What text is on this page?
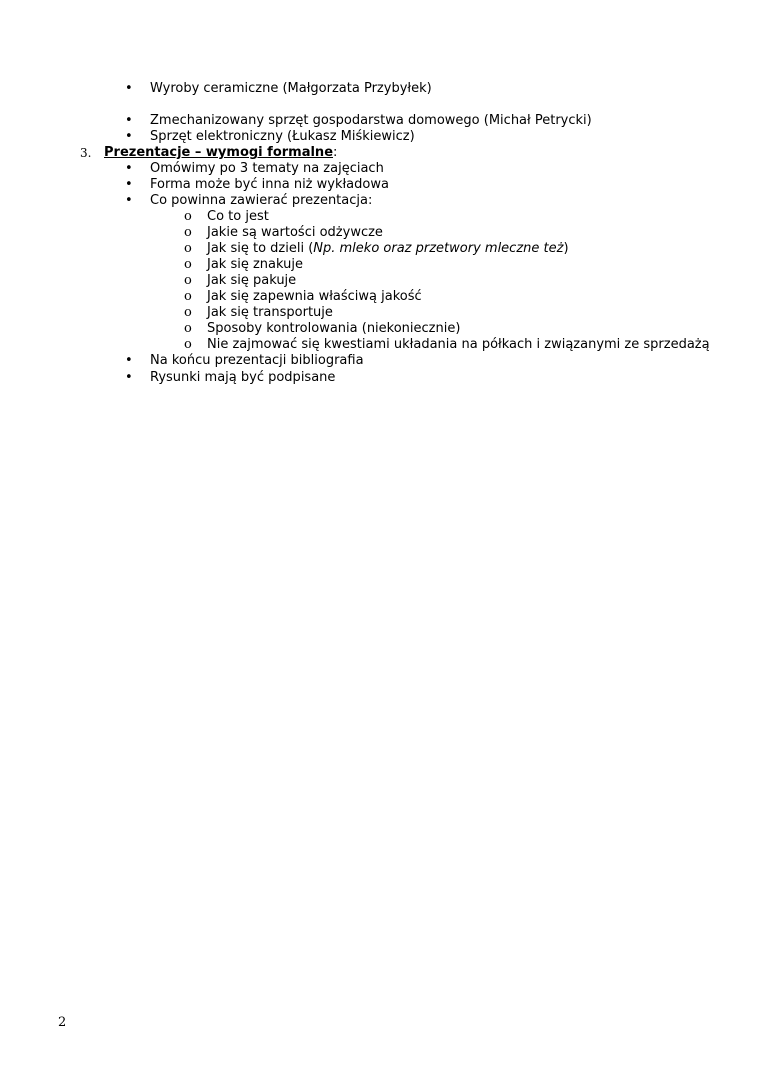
• Wyroby ceramiczne (Małgorzata Przybyłek)
• Zmechanizowany sprzęt gospodarstwa domowego (Michał Petrycki)
• Sprzęt elektroniczny (Łukasz Miśkiewicz)
3. Prezentacje – wymogi formalne:
• Omówimy po 3 tematy na zajęciach
• Forma może być inna niż wykładowa
• Co powinna zawierać prezentacja:
o Co to jest
o Jakie są wartości odżywcze
o Jak się to dzieli (Np. mleko oraz przetwory mleczne też)
o Jak się znakuje
o Jak się pakuje
o Jak się zapewnia właściwą jakość
o Jak się transportuje
o Sposoby kontrolowania (niekoniecznie)
o Nie zajmować się kwestiami układania na półkach i związanymi ze sprzedażą
• Na końcu prezentacji bibliografia
• Rysunki mają być podpisane
2
